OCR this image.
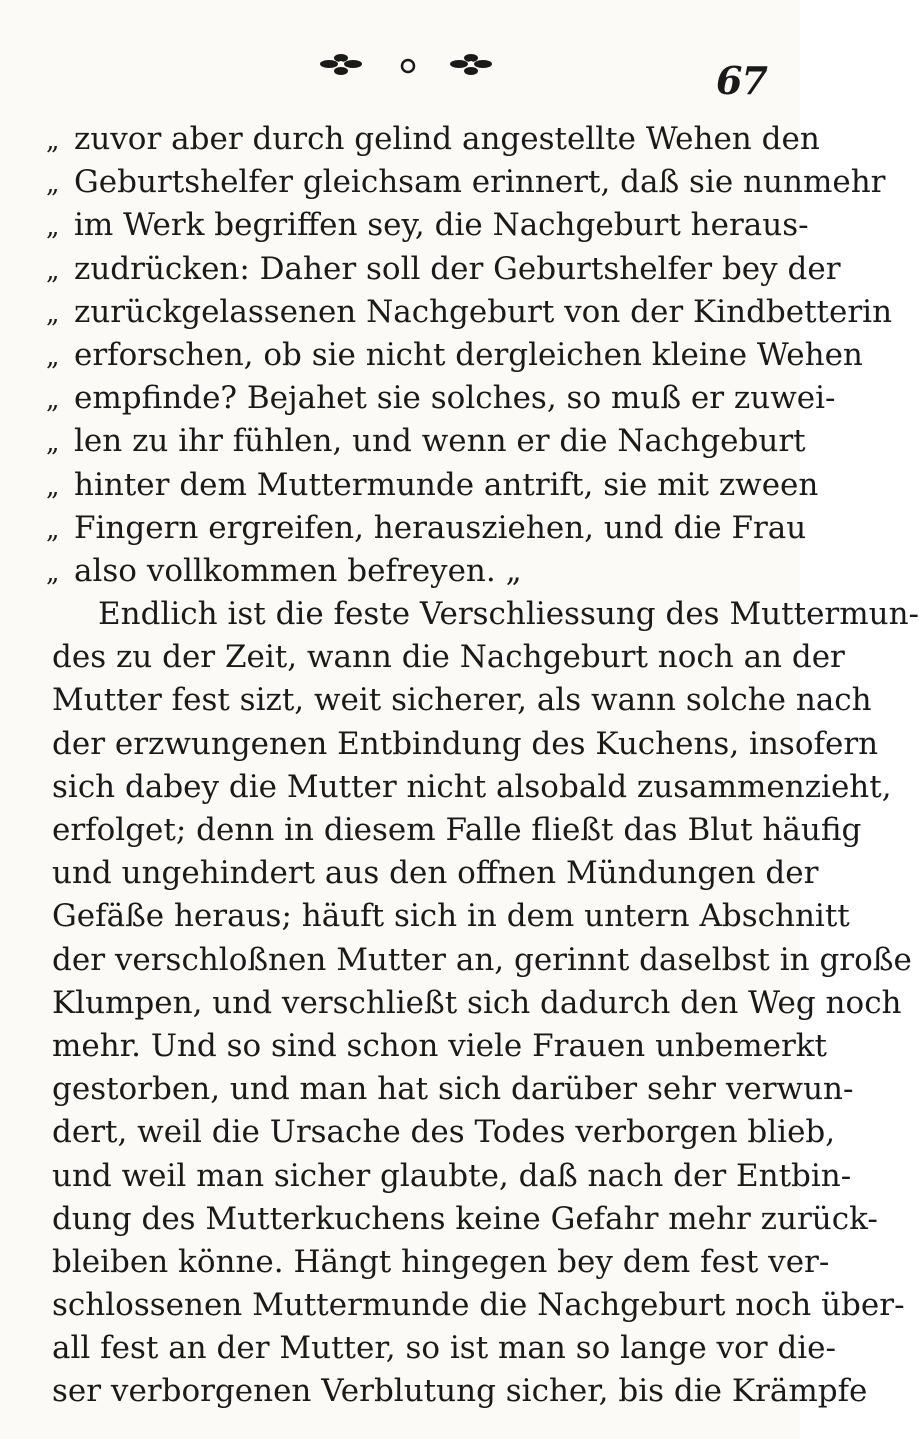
67
„ zuvor aber durch gelind angestellte Wehen den
„ Geburtshelfer gleichsam erinnert, daß sie nunmehr
„ im Werk begriffen sey, die Nachgeburt heraus-
„ zudrücken: Daher soll der Geburtshelfer bey der
„ zurückgelassenen Nachgeburt von der Kindbetterin
„ erforschen, ob sie nicht dergleichen kleine Wehen
„ empfinde? Bejahet sie solches, so muß er zuwei-
„ len zu ihr fühlen, und wenn er die Nachgeburt
„ hinter dem Muttermunde antrift, sie mit zween
„ Fingern ergreifen, herausziehen, und die Frau
„ also vollkommen befreyen. „
Endlich ist die feste Verschliessung des Muttermun-
des zu der Zeit, wann die Nachgeburt noch an der
Mutter fest sizt, weit sicherer, als wann solche nach
der erzwungenen Entbindung des Kuchens, insofern
sich dabey die Mutter nicht alsobald zusammenzieht,
erfolget; denn in diesem Falle fließt das Blut häufig
und ungehindert aus den offnen Mündungen der
Gefäße heraus; häuft sich in dem untern Abschnitt
der verschloßnen Mutter an, gerinnt daselbst in große
Klumpen, und verschließt sich dadurch den Weg noch
mehr. Und so sind schon viele Frauen unbemerkt
gestorben, und man hat sich darüber sehr verwun-
dert, weil die Ursache des Todes verborgen blieb,
und weil man sicher glaubte, daß nach der Entbin-
dung des Mutterkuchens keine Gefahr mehr zurück-
bleiben könne. Hängt hingegen bey dem fest ver-
schlossenen Muttermunde die Nachgeburt noch über-
all fest an der Mutter, so ist man so lange vor die-
ser verborgenen Verblutung sicher, bis die Krämpfe
